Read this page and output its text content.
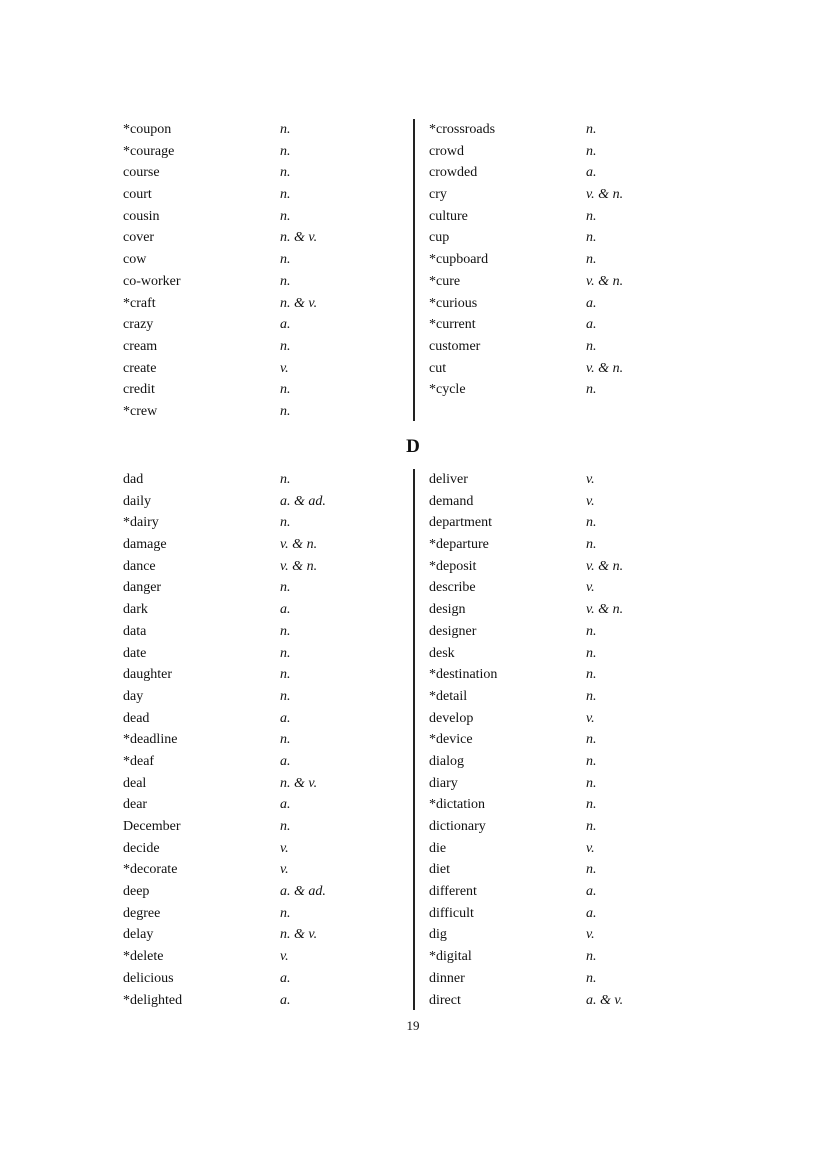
*coupon	n.
*courage	n.
course	n.
court	n.
cousin	n.
cover	n. & v.
cow	n.
co-worker	n.
*craft	n. & v.
crazy	a.
cream	n.
create	v.
credit	n.
*crew	n.
*crossroads	n.
crowd	n.
crowded	a.
cry	v. & n.
culture	n.
cup	n.
*cupboard	n.
*cure	v. & n.
*curious	a.
*current	a.
customer	n.
cut	v. & n.
*cycle	n.
D
dad	n.
daily	a. & ad.
*dairy	n.
damage	v. & n.
dance	v. & n.
danger	n.
dark	a.
data	n.
date	n.
daughter	n.
day	n.
dead	a.
*deadline	n.
*deaf	a.
deal	n. & v.
dear	a.
December	n.
decide	v.
*decorate	v.
deep	a. & ad.
degree	n.
delay	n. & v.
*delete	v.
delicious	a.
*delighted	a.
deliver	v.
demand	v.
department	n.
*departure	n.
*deposit	v. & n.
describe	v.
design	v. & n.
designer	n.
desk	n.
*destination	n.
*detail	n.
develop	v.
*device	n.
dialog	n.
diary	n.
*dictation	n.
dictionary	n.
die	v.
diet	n.
different	a.
difficult	a.
dig	v.
*digital	n.
dinner	n.
direct	a. & v.
19
